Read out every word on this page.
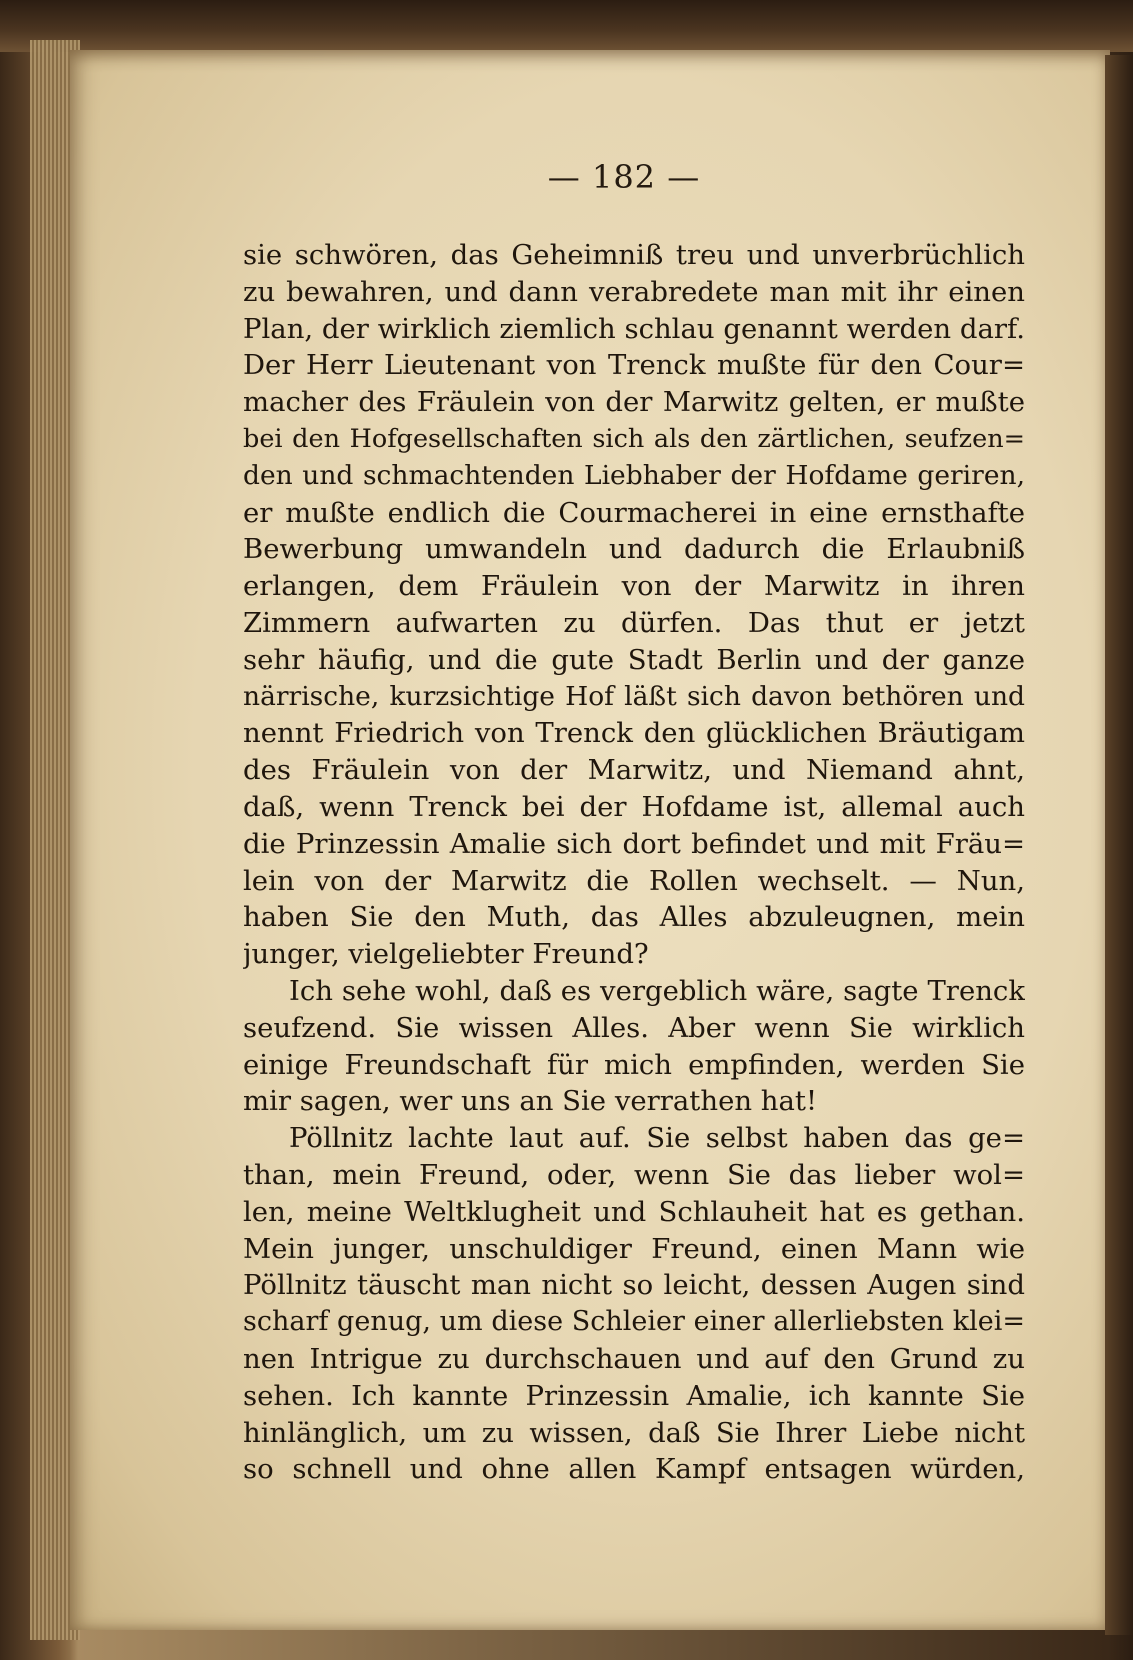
— 182 —
sie schwören, das Geheimniß treu und unverbrüchlich
zu bewahren, und dann verabredete man mit ihr einen
Plan, der wirklich ziemlich schlau genannt werden darf.
Der Herr Lieutenant von Trenck mußte für den Cour=
macher des Fräulein von der Marwitz gelten, er mußte
bei den Hofgesellschaften sich als den zärtlichen, seufzen=
den und schmachtenden Liebhaber der Hofdame geriren,
er mußte endlich die Courmacherei in eine ernsthafte
Bewerbung umwandeln und dadurch die Erlaubniß
erlangen, dem Fräulein von der Marwitz in ihren
Zimmern aufwarten zu dürfen. Das thut er jetzt
sehr häufig, und die gute Stadt Berlin und der ganze
närrische, kurzsichtige Hof läßt sich davon bethören und
nennt Friedrich von Trenck den glücklichen Bräutigam
des Fräulein von der Marwitz, und Niemand ahnt,
daß, wenn Trenck bei der Hofdame ist, allemal auch
die Prinzessin Amalie sich dort befindet und mit Fräu=
lein von der Marwitz die Rollen wechselt. — Nun,
haben Sie den Muth, das Alles abzuleugnen, mein
junger, vielgeliebter Freund?
Ich sehe wohl, daß es vergeblich wäre, sagte Trenck
seufzend. Sie wissen Alles. Aber wenn Sie wirklich
einige Freundschaft für mich empfinden, werden Sie
mir sagen, wer uns an Sie verrathen hat!
Pöllnitz lachte laut auf. Sie selbst haben das ge=
than, mein Freund, oder, wenn Sie das lieber wol=
len, meine Weltklugheit und Schlauheit hat es gethan.
Mein junger, unschuldiger Freund, einen Mann wie
Pöllnitz täuscht man nicht so leicht, dessen Augen sind
scharf genug, um diese Schleier einer allerliebsten klei=
nen Intrigue zu durchschauen und auf den Grund zu
sehen. Ich kannte Prinzessin Amalie, ich kannte Sie
hinlänglich, um zu wissen, daß Sie Ihrer Liebe nicht
so schnell und ohne allen Kampf entsagen würden,
